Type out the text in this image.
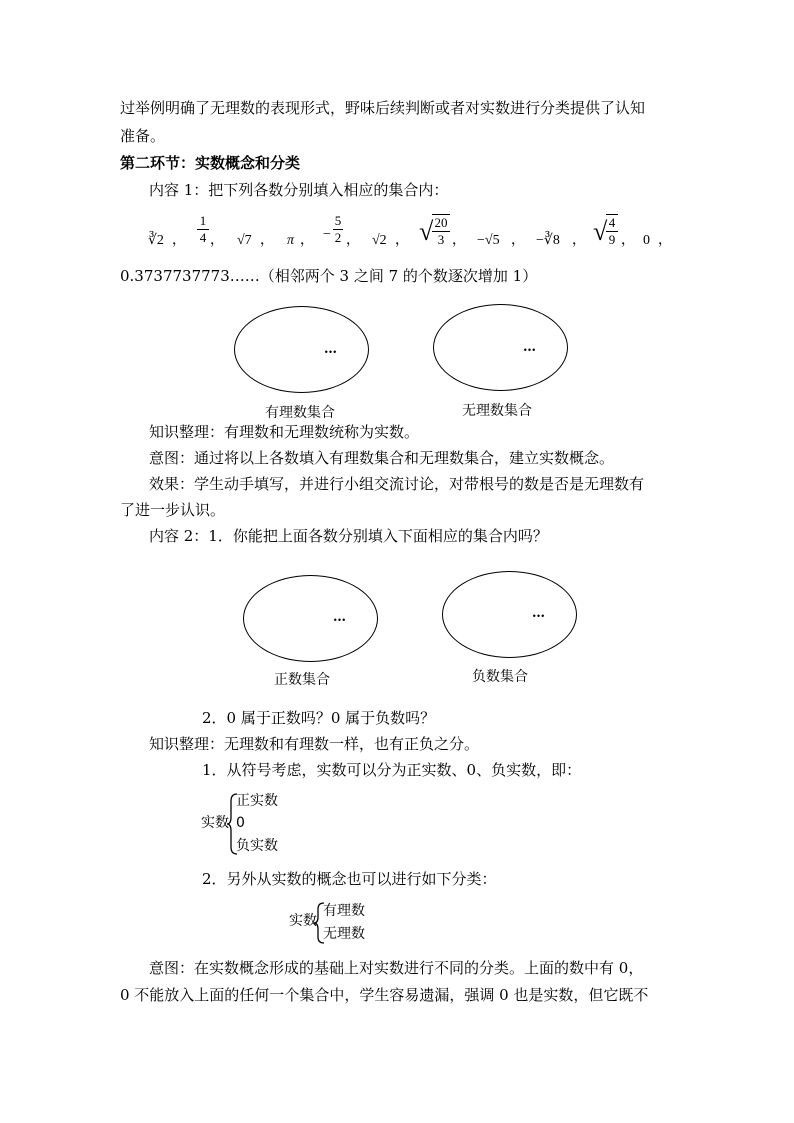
过举例明确了无理数的表现形式，野味后续判断或者对实数进行分类提供了认知
准备。
第二环节：实数概念和分类
内容 1：把下列各数分别填入相应的集合内：
∛2 ，
1
4 ， √7 ， π ， −
5
2 ， √2 ， √ 20
3 ， −√5 ， −∛8 ， √ 4
9 ， 0 ，
0.3737737773……（相邻两个 3 之间 7 的个数逐次增加 1）
…
有理数集合
…
无理数集合
知识整理：有理数和无理数统称为实数。
意图：通过将以上各数填入有理数集合和无理数集合，建立实数概念。
效果：学生动手填写，并进行小组交流讨论，对带根号的数是否是无理数有
了进一步认识。
内容 2：1．你能把上面各数分别填入下面相应的集合内吗？
…
正数集合
…
负数集合
2．0 属于正数吗？0 属于负数吗？
知识整理：无理数和有理数一样，也有正负之分。
1．从符号考虑，实数可以分为正实数、0、负实数，即：
实数
正实数
0
负实数
2．另外从实数的概念也可以进行如下分类：
实数
有理数
无理数
意图：在实数概念形成的基础上对实数进行不同的分类。上面的数中有 0，
0 不能放入上面的任何一个集合中，学生容易遗漏，强调 0 也是实数，但它既不
